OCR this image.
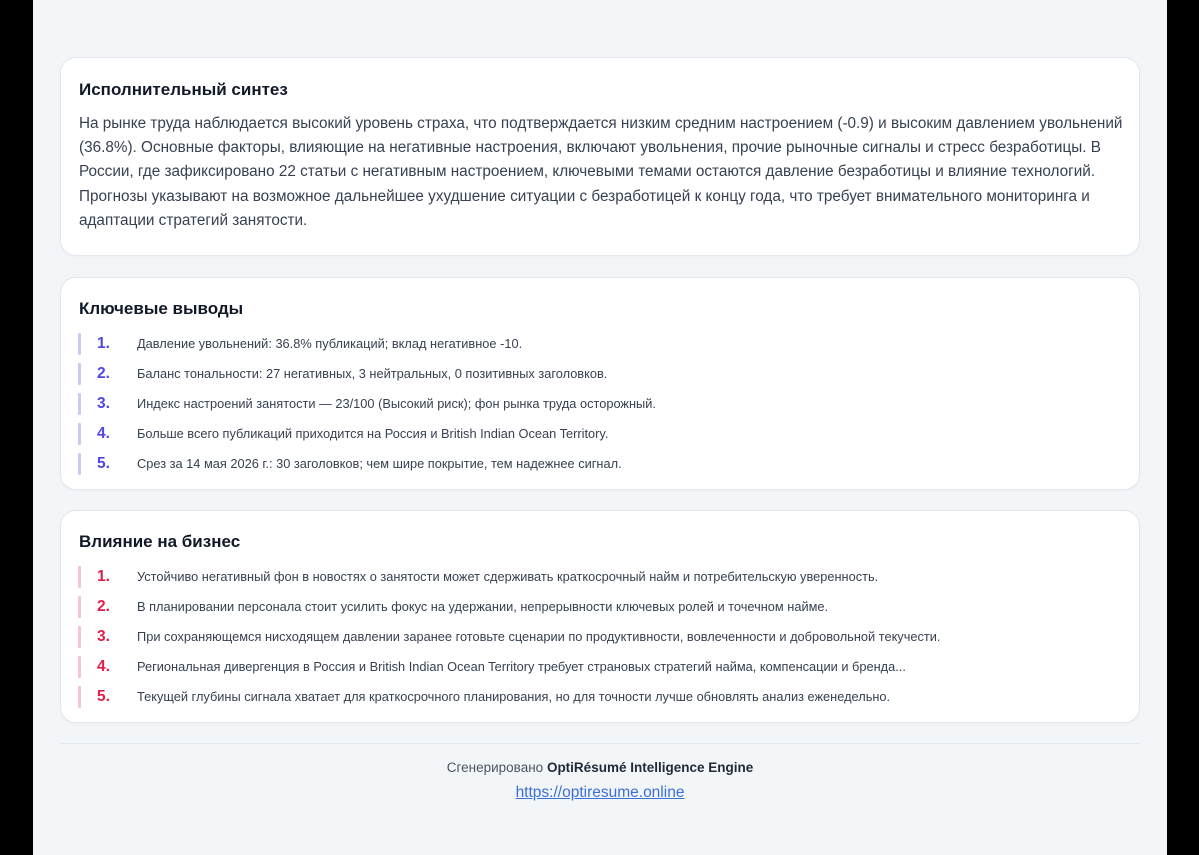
Исполнительный синтез

На рынке труда наблюдается высокий уровень страха, что подтверждается низким средним настроением (-0.9) и высоким давлением увольнений (36.8%). Основные факторы, влияющие на негативные настроения, включают увольнения, прочие рыночные сигналы и стресс безработицы. В России, где зафиксировано 22 статьи с негативным настроением, ключевыми темами остаются давление безработицы и влияние технологий. Прогнозы указывают на возможное дальнейшее ухудшение ситуации с безработицей к концу года, что требует внимательного мониторинга и адаптации стратегий занятости.

Ключевые выводы
1. Давление увольнений: 36.8% публикаций; вклад негативное -10.
2. Баланс тональности: 27 негативных, 3 нейтральных, 0 позитивных заголовков.
3. Индекс настроений занятости — 23/100 (Высокий риск); фон рынка труда осторожный.
4. Больше всего публикаций приходится на Россия и British Indian Ocean Territory.
5. Срез за 14 мая 2026 г.: 30 заголовков; чем шире покрытие, тем надежнее сигнал.
Влияние на бизнес
1. Устойчиво негативный фон в новостях о занятости может сдерживать краткосрочный найм и потребительскую уверенность.
2. В планировании персонала стоит усилить фокус на удержании, непрерывности ключевых ролей и точечном найме.
3. При сохраняющемся нисходящем давлении заранее готовьте сценарии по продуктивности, вовлеченности и добровольной текучести.
4. Региональная дивергенция в Россия и British Indian Ocean Territory требует страновых стратегий найма, компенсации и бренда...
5. Текущей глубины сигнала хватает для краткосрочного планирования, но для точности лучше обновлять анализ еженедельно.
Сгенерировано OptiRésumé Intelligence Engine
https://optiresume.online
